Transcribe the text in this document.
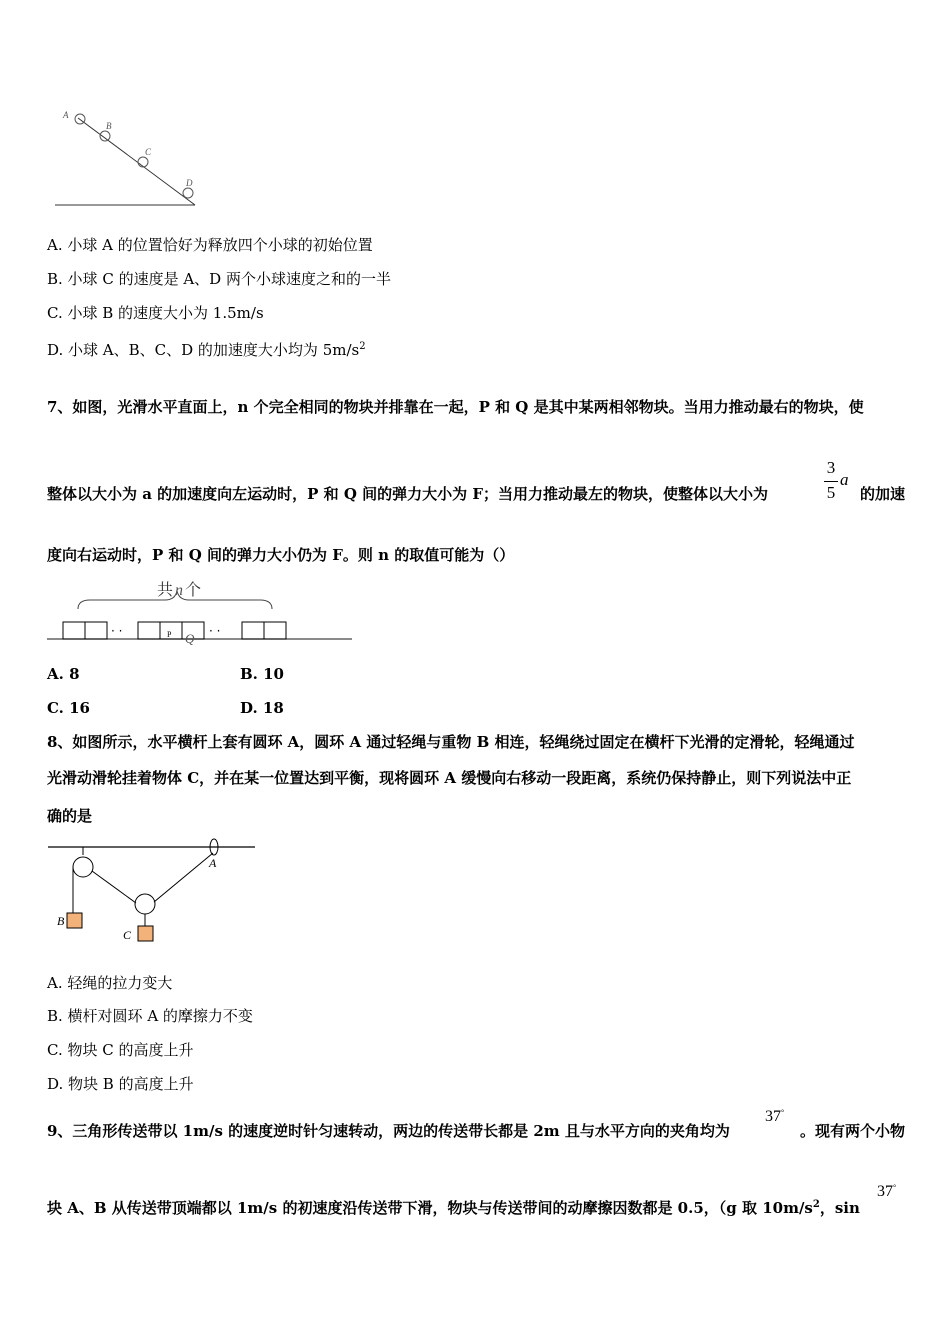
A
B
C
D
A. 小球 A 的位置恰好为释放四个小球的初始位置
B. 小球 C 的速度是 A、D 两个小球速度之和的一半
C. 小球 B 的速度大小为 1.5m/s
D. 小球 A、B、C、D 的加速度大小均为 $5m/s^2$
7、如图，光滑水平直面上，n 个完全相同的物块并排靠在一起，P 和 Q 是其中某两相邻物块。当用力推动最右的物块，使
3
5
a
整体以大小为 a 的加速度向左运动时，P 和 Q 间的弹力大小为 F；当用力推动最左的物块，使整体以大小为	的加速
度向右运动时，P 和 Q 间的弹力大小仍为 F。则 n 的取值可能为（）
· ·	· ·
P Q
共 n 个
A. 8	B. 10
C. 16	D. 18
8、如图所示，水平横杆上套有圆环 A，圆环 A 通过轻绳与重物 B 相连，轻绳绕过固定在横杆下光滑的定滑轮，轻绳通过
光滑动滑轮挂着物体 C，并在某一位置达到平衡，现将圆环 A 缓慢向右移动一段距离，系统仍保持静止，则下列说法中正
确的是
A
B
C
A. 轻绳的拉力变大
B. 横杆对圆环 A 的摩擦力不变
C. 物块 C 的高度上升
D. 物块 B 的高度上升
9、三角形传送带以 1m/s 的速度逆时针匀速转动，两边的传送带长都是 2m 且与水平方向的夹角均为	。现有两个小物
37°
块 A、B 从传送带顶端都以 1m/s 的初速度沿传送带下滑，物块与传送带间的动摩擦因数都是 0.5，（g 取 $10m/s^2$，sin
37°
